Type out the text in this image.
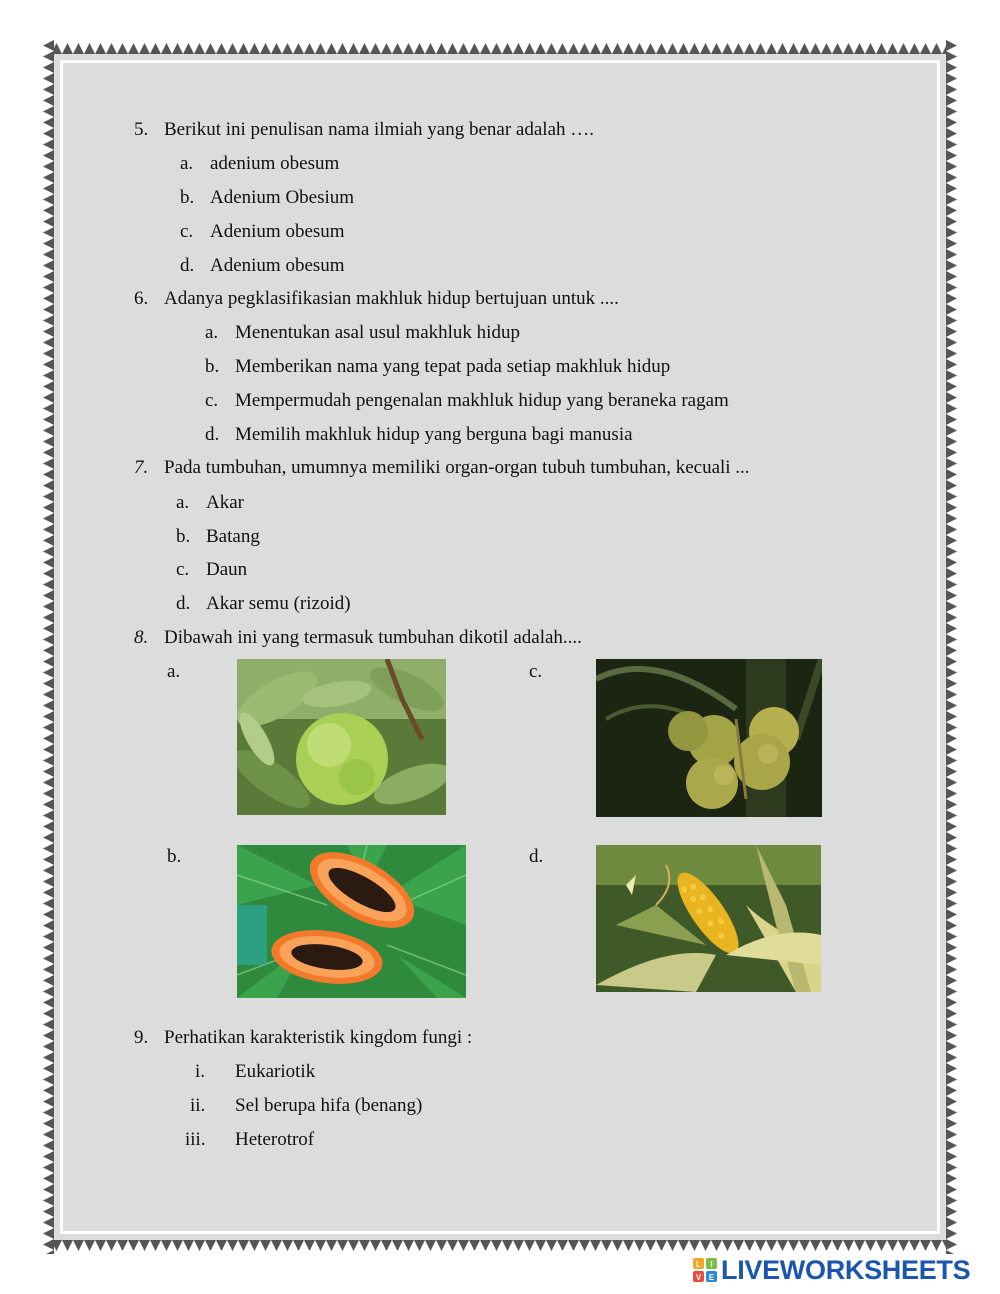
5. Berikut ini penulisan nama ilmiah yang benar adalah ….
a. adenium obesum
b. Adenium Obesium
c. Adenium obesum
d. Adenium obesum
6. Adanya pegklasifikasian makhluk hidup bertujuan untuk ....
a. Menentukan asal usul makhluk hidup
b. Memberikan nama yang tepat pada setiap makhluk hidup
c. Mempermudah pengenalan makhluk hidup yang beraneka ragam
d. Memilih makhluk hidup yang berguna bagi manusia
7. Pada tumbuhan, umumnya memiliki organ-organ tubuh tumbuhan, kecuali ...
a. Akar
b. Batang
c. Daun
d. Akar semu (rizoid)
8. Dibawah ini yang termasuk tumbuhan dikotil adalah....
a.
b.
c.
d.
9. Perhatikan karakteristik kingdom fungi :
i. Eukariotik
ii. Sel berupa hifa (benang)
iii. Heterotrof
L I
V E LIVEWORKSHEETS
